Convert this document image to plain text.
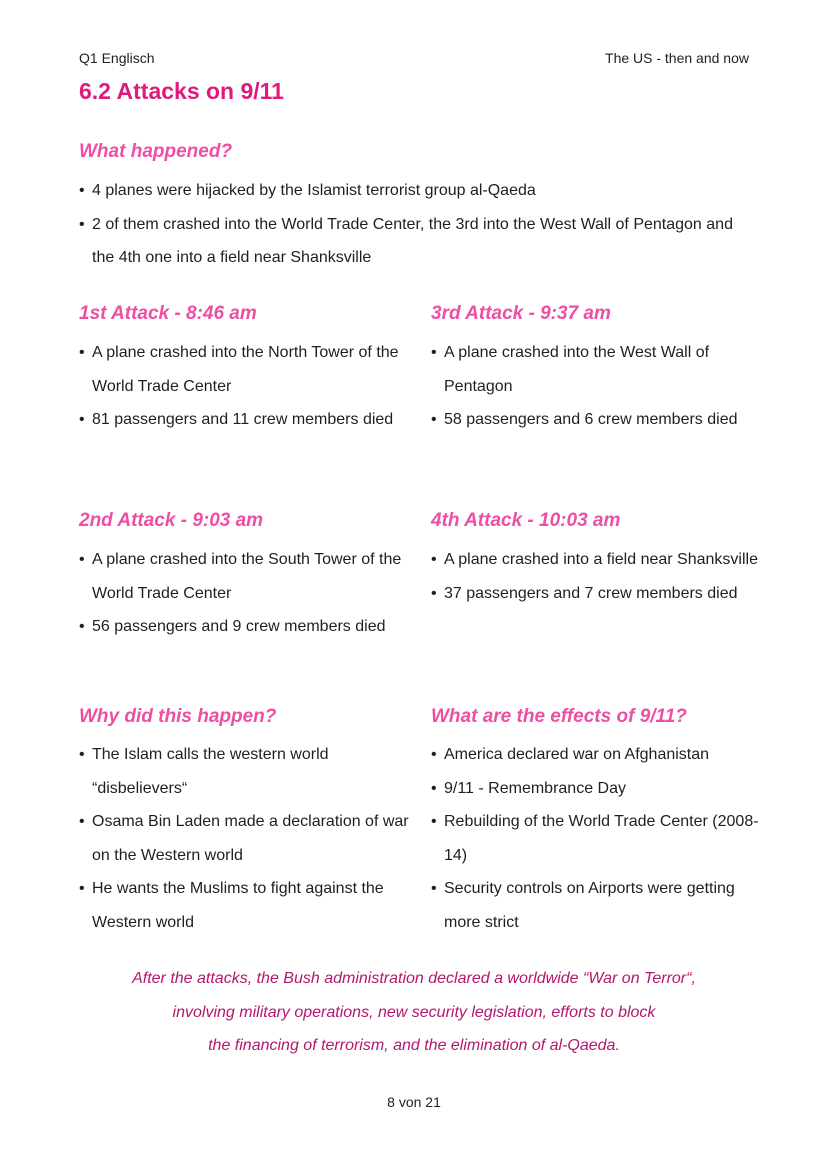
Q1 Englisch	The US - then and now
6.2 Attacks on 9/11
What happened?
• 4 planes were hijacked by the Islamist terrorist group al-Qaeda
• 2 of them crashed into the World Trade Center, the 3rd into the West Wall of Pentagon and the 4th one into a field near Shanksville
1st Attack - 8:46 am
• A plane crashed into the North Tower of the World Trade Center
• 81 passengers and 11 crew members died
3rd Attack - 9:37 am
• A plane crashed into the West Wall of Pentagon
• 58 passengers and 6 crew members died
2nd Attack - 9:03 am
• A plane crashed into the South Tower of the World Trade Center
• 56 passengers and 9 crew members died
4th Attack - 10:03 am
• A plane crashed into a field near Shanksville
• 37 passengers and 7 crew members died
Why did this happen?
• The Islam calls the western world “disbelievers“
• Osama Bin Laden made a declaration of war on the Western world
• He wants the Muslims to fight against the Western world
What are the effects of 9/11?
• America declared war on Afghanistan
• 9/11 - Remembrance Day
• Rebuilding of the World Trade Center (2008-14)
• Security controls on Airports were getting more strict

After the attacks, the Bush administration declared a worldwide “War on Terror“,
involving military operations, new security legislation, efforts to block
the financing of terrorism, and the elimination of al-Qaeda.

8 von 21
